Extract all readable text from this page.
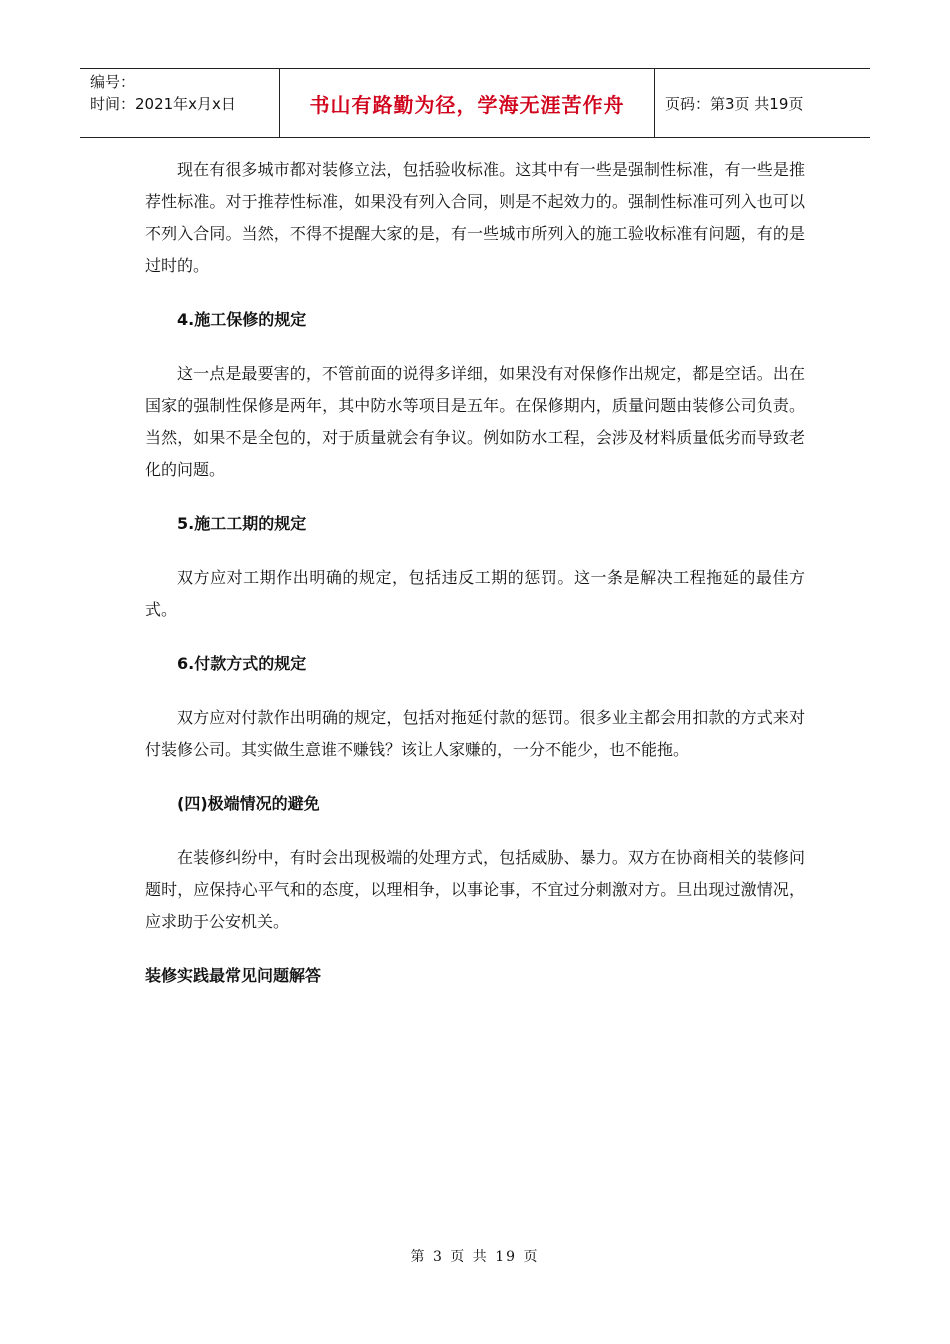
编号：
时间：2021年x月x日	书山有路勤为径，学海无涯苦作舟	页码：第3页 共19页

现在有很多城市都对装修立法，包括验收标准。这其中有一些是强制性标准，有一些是推荐性标准。对于推荐性标准，如果没有列入合同，则是不起效力的。强制性标准可列入也可以不列入合同。当然，不得不提醒大家的是，有一些城市所列入的施工验收标准有问题，有的是过时的。

4.施工保修的规定

这一点是最要害的，不管前面的说得多详细，如果没有对保修作出规定，都是空话。出在国家的强制性保修是两年，其中防水等项目是五年。在保修期内，质量问题由装修公司负责。当然，如果不是全包的，对于质量就会有争议。例如防水工程，会涉及材料质量低劣而导致老化的问题。

5.施工工期的规定

双方应对工期作出明确的规定，包括违反工期的惩罚。这一条是解决工程拖延的最佳方式。

6.付款方式的规定

双方应对付款作出明确的规定，包括对拖延付款的惩罚。很多业主都会用扣款的方式来对付装修公司。其实做生意谁不赚钱？该让人家赚的，一分不能少，也不能拖。

(四)极端情况的避免

在装修纠纷中，有时会出现极端的处理方式，包括威胁、暴力。双方在协商相关的装修问题时，应保持心平气和的态度，以理相争，以事论事，不宜过分刺激对方。旦出现过激情况，应求助于公安机关。

装修实践最常见问题解答

第 3 页 共 19 页
